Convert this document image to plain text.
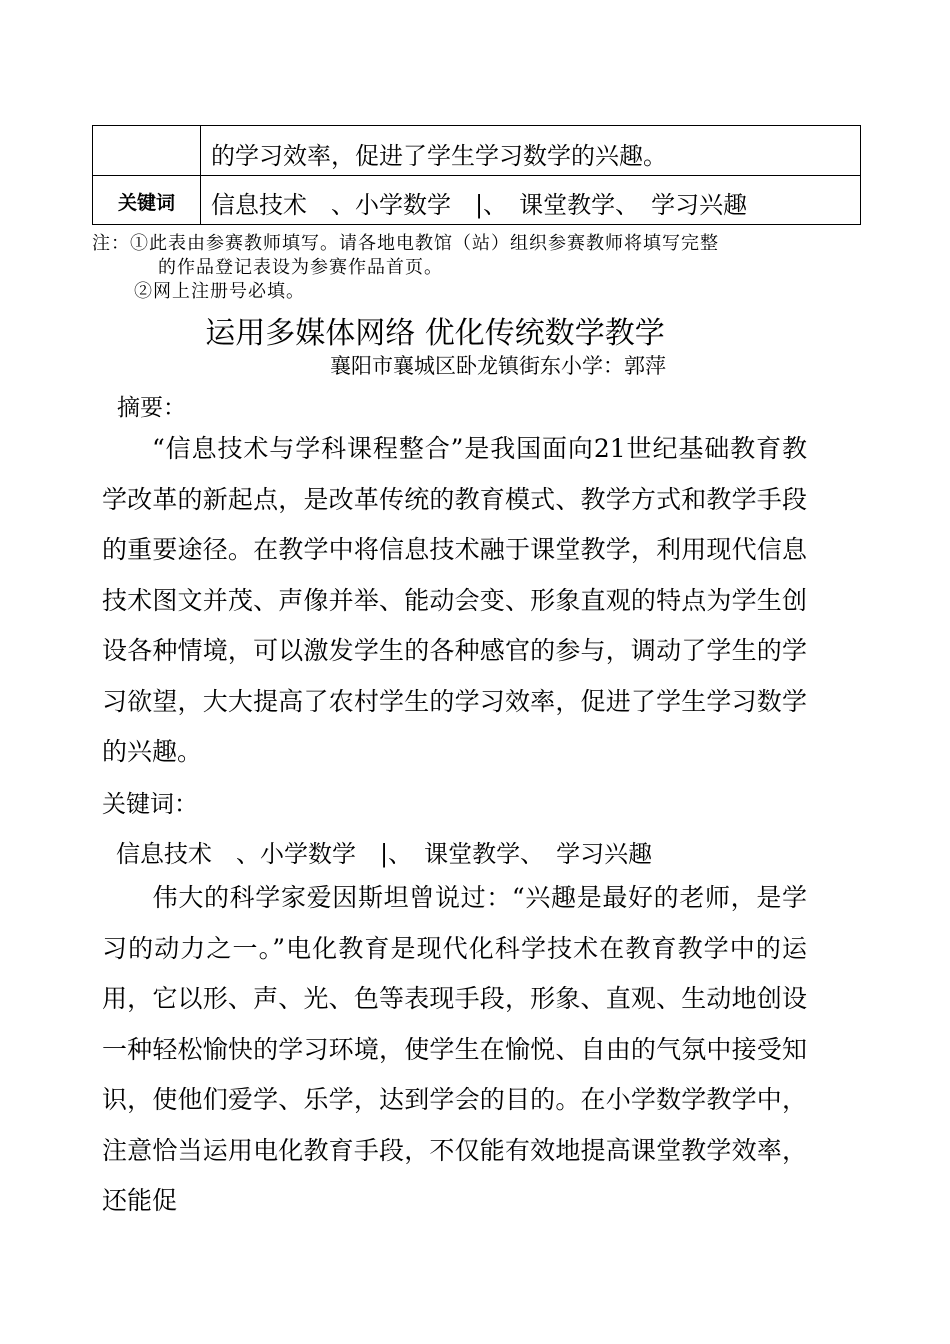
的学习效率，促进了学生学习数学的兴趣。
关键词	信息技术　、小学数学　|、　课堂教学、　学习兴趣
注：①此表由参赛教师填写。请各地电教馆（站）组织参赛教师将填写完整
的作品登记表设为参赛作品首页。
②网上注册号必填。
运用多媒体网络 优化传统数学教学
襄阳市襄城区卧龙镇街东小学：郭萍
摘要：
“信息技术与学科课程整合”是我国面向21世纪基础教育教学改革的新起点，是改革传统的教育模式、教学方式和教学手段的重要途径。在教学中将信息技术融于课堂教学，利用现代信息技术图文并茂、声像并举、能动会变、形象直观的特点为学生创设各种情境，可以激发学生的各种感官的参与，调动了学生的学习欲望，大大提高了农村学生的学习效率，促进了学生学习数学的兴趣。
关键词：
信息技术　、小学数学　|、　课堂教学、　学习兴趣
伟大的科学家爱因斯坦曾说过：“兴趣是最好的老师，是学习的动力之一。”电化教育是现代化科学技术在教育教学中的运用，它以形、声、光、色等表现手段，形象、直观、生动地创设一种轻松愉快的学习环境，使学生在愉悦、自由的气氛中接受知识，使他们爱学、乐学，达到学会的目的。在小学数学教学中，注意恰当运用电化教育手段，不仅能有效地提高课堂教学效率，还能促
